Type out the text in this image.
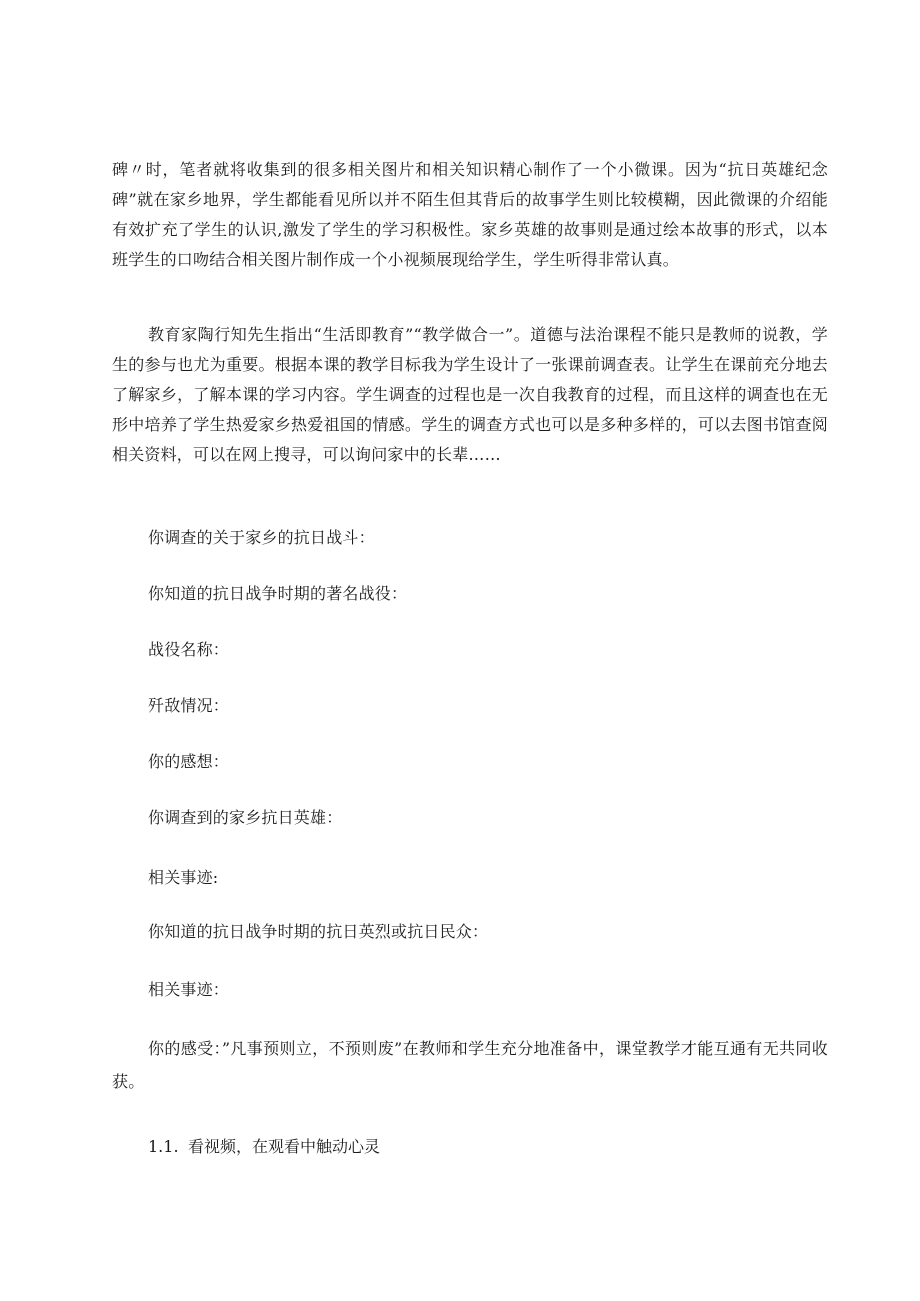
碑〃时，笔者就将收集到的很多相关图片和相关知识精心制作了一个小微课。因为“抗日英雄纪念碑”就在家乡地界，学生都能看见所以并不陌生但其背后的故事学生则比较模糊，因此微课的介绍能有效扩充了学生的认识,激发了学生的学习积极性。家乡英雄的故事则是通过绘本故事的形式，以本班学生的口吻结合相关图片制作成一个小视频展现给学生，学生听得非常认真。

教育家陶行知先生指出“生活即教育”“教学做合一”。道德与法治课程不能只是教师的说教，学生的参与也尤为重要。根据本课的教学目标我为学生设计了一张课前调查表。让学生在课前充分地去了解家乡，了解本课的学习内容。学生调查的过程也是一次自我教育的过程，而且这样的调查也在无形中培养了学生热爱家乡热爱祖国的情感。学生的调查方式也可以是多种多样的，可以去图书馆查阅相关资料，可以在网上搜寻，可以询问家中的长辈……

你调查的关于家乡的抗日战斗：

你知道的抗日战争时期的著名战役：

战役名称：

歼敌情况：

你的感想：

你调查到的家乡抗日英雄：

相关事迹:

你知道的抗日战争时期的抗日英烈或抗日民众：

相关事迹：

你的感受：”凡事预则立，不预则废”在教师和学生充分地准备中，课堂教学才能互通有无共同收获。

1.1. 看视频，在观看中触动心灵
